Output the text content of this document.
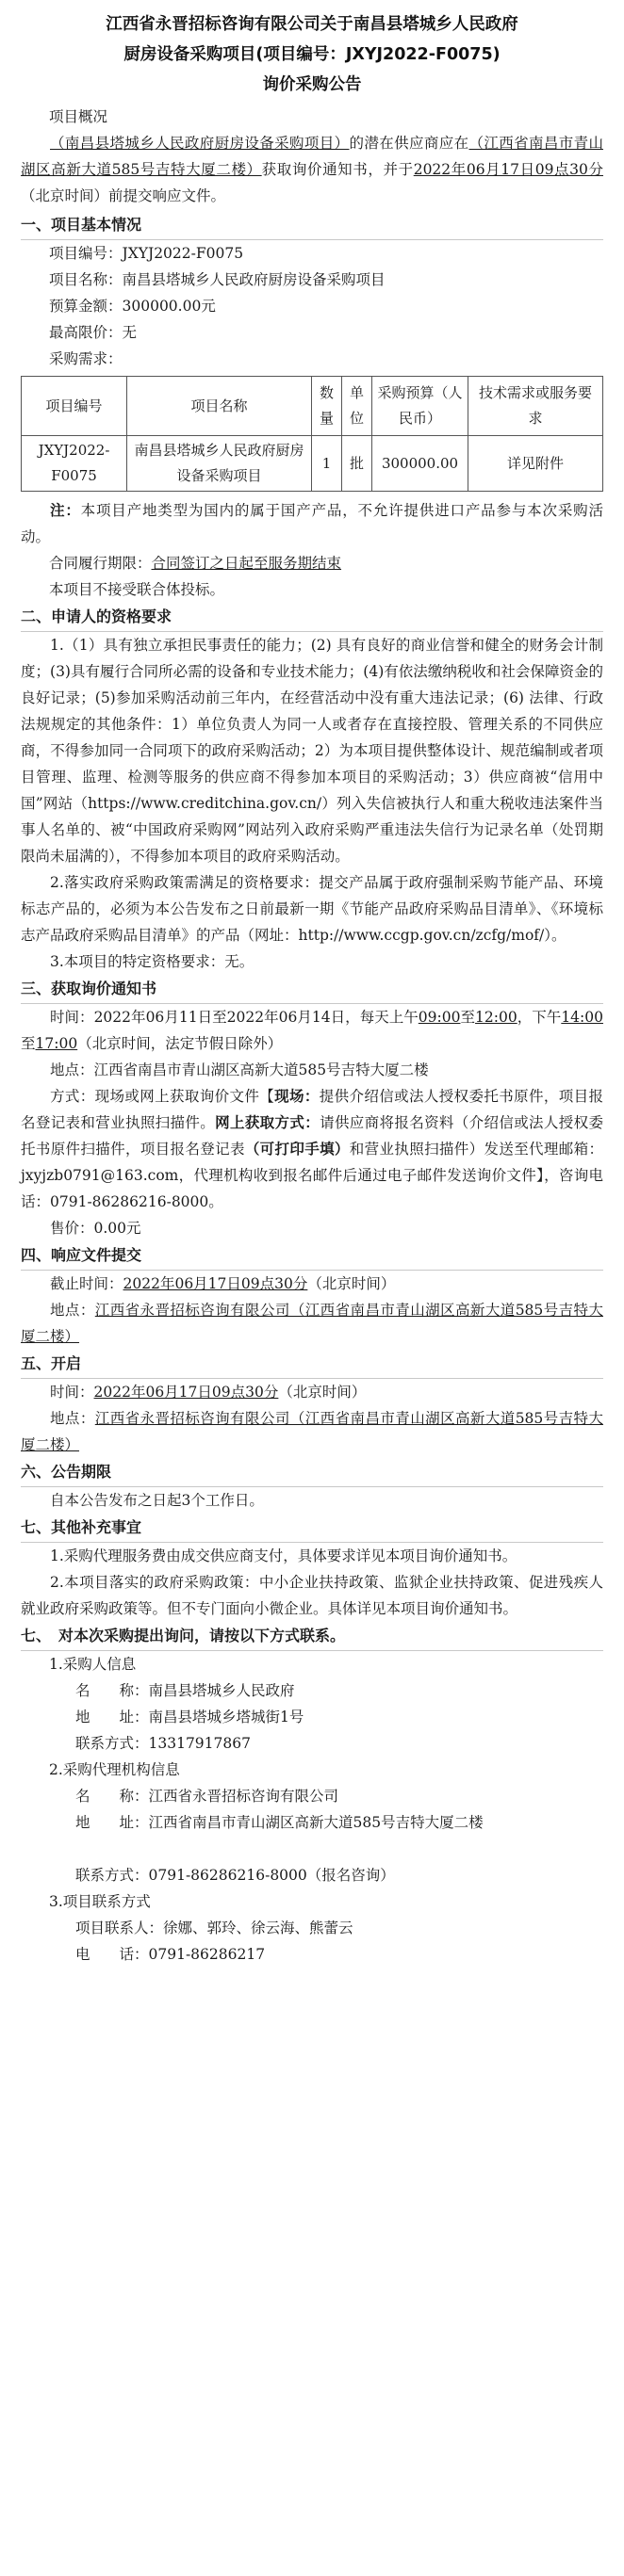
江西省永晋招标咨询有限公司关于南昌县塔城乡人民政府
厨房设备采购项目(项目编号：JXYJ2022-F0075)
询价采购公告

项目概况

（南昌县塔城乡人民政府厨房设备采购项目）的潜在供应商应在（江西省南昌市青山湖区高新大道585号吉特大厦二楼）获取询价通知书，并于2022年06月17日09点30分（北京时间）前提交响应文件。

一、项目基本情况

项目编号：JXYJ2022-F0075

项目名称：南昌县塔城乡人民政府厨房设备采购项目

预算金额：300000.00元

最高限价：无

采购需求：

项目编号	项目名称	数量	单位	采购预算（人民币）	技术需求或服务要求
JXYJ2022-F0075	南昌县塔城乡人民政府厨房设备采购项目	1	批	300000.00	详见附件

注：本项目产地类型为国内的属于国产产品，不允许提供进口产品参与本次采购活动。

合同履行期限：合同签订之日起至服务期结束

本项目不接受联合体投标。

二、申请人的资格要求

1.（1）具有独立承担民事责任的能力；(2) 具有良好的商业信誉和健全的财务会计制度；(3)具有履行合同所必需的设备和专业技术能力；(4)有依法缴纳税收和社会保障资金的良好记录；(5)参加采购活动前三年内，在经营活动中没有重大违法记录；(6) 法律、行政法规规定的其他条件：1）单位负责人为同一人或者存在直接控股、管理关系的不同供应商，不得参加同一合同项下的政府采购活动；2）为本项目提供整体设计、规范编制或者项目管理、监理、检测等服务的供应商不得参加本项目的采购活动；3）供应商被“信用中国”网站（https://www.creditchina.gov.cn/）列入失信被执行人和重大税收违法案件当事人名单的、被“中国政府采购网”网站列入政府采购严重违法失信行为记录名单（处罚期限尚未届满的），不得参加本项目的政府采购活动。

2.落实政府采购政策需满足的资格要求：提交产品属于政府强制采购节能产品、环境标志产品的，必须为本公告发布之日前最新一期《节能产品政府采购品目清单》、《环境标志产品政府采购品目清单》的产品（网址：http://www.ccgp.gov.cn/zcfg/mof/）。

3.本项目的特定资格要求：无。

三、获取询价通知书

时间：2022年06月11日至2022年06月14日，每天上午09:00至12:00，下午14:00至17:00（北京时间，法定节假日除外）

地点：江西省南昌市青山湖区高新大道585号吉特大厦二楼

方式：现场或网上获取询价文件【现场：提供介绍信或法人授权委托书原件，项目报名登记表和营业执照扫描件。网上获取方式：请供应商将报名资料（介绍信或法人授权委托书原件扫描件，项目报名登记表（可打印手填）和营业执照扫描件）发送至代理邮箱：jxyjzb0791@163.com，代理机构收到报名邮件后通过电子邮件发送询价文件】，咨询电话：0791-86286216-8000。

售价：0.00元

四、响应文件提交

截止时间：2022年06月17日09点30分（北京时间）

地点：江西省永晋招标咨询有限公司（江西省南昌市青山湖区高新大道585号吉特大厦二楼）

五、开启

时间：2022年06月17日09点30分（北京时间）

地点：江西省永晋招标咨询有限公司（江西省南昌市青山湖区高新大道585号吉特大厦二楼）

六、公告期限

自本公告发布之日起3个工作日。

七、其他补充事宜

1.采购代理服务费由成交供应商支付，具体要求详见本项目询价通知书。

2.本项目落实的政府采购政策：中小企业扶持政策、监狱企业扶持政策、促进残疾人就业政府采购政策等。但不专门面向小微企业。具体详见本项目询价通知书。

七、　对本次采购提出询问，请按以下方式联系。

1.采购人信息

名　　称：南昌县塔城乡人民政府

地　　址：南昌县塔城乡塔城街1号

联系方式：13317917867

2.采购代理机构信息

名　　称：江西省永晋招标咨询有限公司

地　　址：江西省南昌市青山湖区高新大道585号吉特大厦二楼

联系方式：0791-86286216-8000（报名咨询）

3.项目联系方式

项目联系人：徐娜、郭玲、徐云海、熊蕾云

电　　话：0791-86286217
